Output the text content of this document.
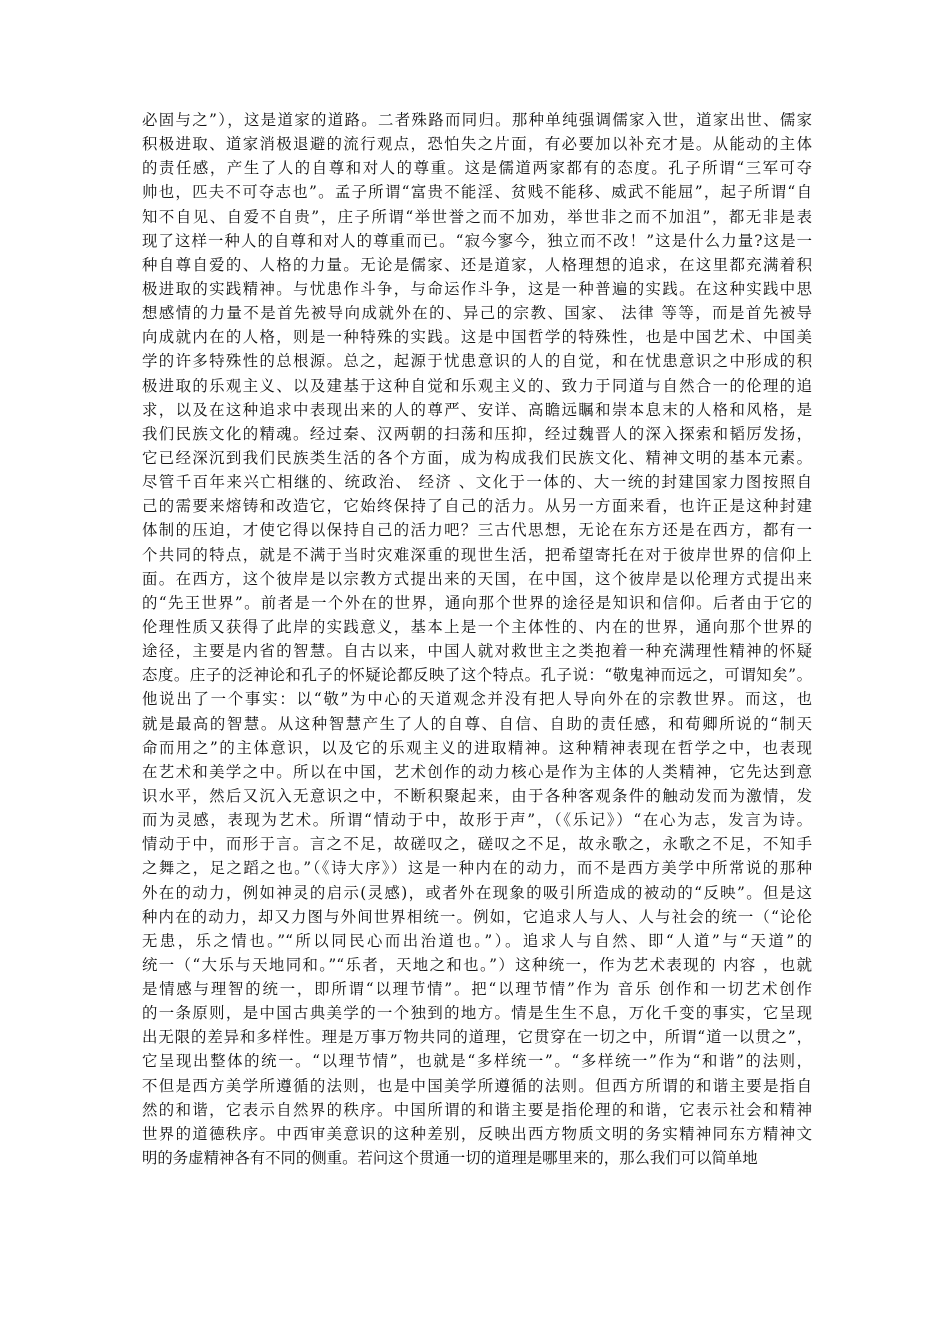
必固与之”），这是道家的道路。二者殊路而同归。那种单纯强调儒家入世，道家出世、儒家
积极进取、道家消极退避的流行观点，恐怕失之片面，有必要加以补充才是。从能动的主体
的责任感，产生了人的自尊和对人的尊重。这是儒道两家都有的态度。孔子所谓“三军可夺
帅也，匹夫不可夺志也”。孟子所谓“富贵不能淫、贫贱不能移、威武不能屈”，起子所谓“自
知不自见、自爱不自贵”，庄子所谓“举世誉之而不加劝，举世非之而不加沮”，都无非是表
现了这样一种人的自尊和对人的尊重而已。“寂今寥今，独立而不改！”这是什么力量?这是一
种自尊自爱的、人格的力量。无论是儒家、还是道家，人格理想的追求，在这里都充满着积
极进取的实践精神。与忧患作斗争，与命运作斗争，这是一种普遍的实践。在这种实践中思
想感情的力量不是首先被导向成就外在的、异己的宗教、国家、 法律 等等，而是首先被导
向成就内在的人格，则是一种特殊的实践。这是中国哲学的特殊性，也是中国艺术、中国美
学的许多特殊性的总根源。总之，起源于忧患意识的人的自觉，和在忧患意识之中形成的积
极进取的乐观主义、以及建基于这种自觉和乐观主义的、致力于同道与自然合一的伦理的追
求，以及在这种追求中表现出来的人的尊严、安详、高瞻远瞩和崇本息末的人格和风格，是
我们民族文化的精魂。经过秦、汉两朝的扫荡和压抑，经过魏晋人的深入探索和韬厉发扬，
它已经深沉到我们民族类生活的各个方面，成为构成我们民族文化、精神文明的基本元素。
尽管千百年来兴亡相继的、统政治、 经济 、文化于一体的、大一统的封建国家力图按照自
己的需要来熔铸和改造它，它始终保持了自己的活力。从另一方面来看，也许正是这种封建
体制的压迫，才使它得以保持自己的活力吧？三古代思想，无论在东方还是在西方，都有一
个共同的特点，就是不满于当时灾难深重的现世生活，把希望寄托在对于彼岸世界的信仰上
面。在西方，这个彼岸是以宗教方式提出来的天国，在中国，这个彼岸是以伦理方式提出来
的“先王世界”。前者是一个外在的世界，通向那个世界的途径是知识和信仰。后者由于它的
伦理性质又获得了此岸的实践意义，基本上是一个主体性的、内在的世界，通向那个世界的
途径，主要是内省的智慧。自古以来，中国人就对救世主之类抱着一种充满理性精神的怀疑
态度。庄子的泛神论和孔子的怀疑论都反映了这个特点。孔子说：“敬鬼神而远之，可谓知矣”。
他说出了一个事实：以“敬”为中心的天道观念并没有把人导向外在的宗教世界。而这，也
就是最高的智慧。从这种智慧产生了人的自尊、自信、自助的责任感，和荀卿所说的“制天
命而用之”的主体意识，以及它的乐观主义的进取精神。这种精神表现在哲学之中，也表现
在艺术和美学之中。所以在中国，艺术创作的动力核心是作为主体的人类精神，它先达到意
识水平，然后又沉入无意识之中，不断积聚起来，由于各种客观条件的触动发而为激情，发
而为灵感，表现为艺术。所谓“情动于中，故形于声”，（《乐记》）“在心为志，发言为诗。
情动于中，而形于言。言之不足，故磋叹之，磋叹之不足，故永歌之，永歌之不足，不知手
之舞之，足之蹈之也。”（《诗大序》）这是一种内在的动力，而不是西方美学中所常说的那种
外在的动力，例如神灵的启示(灵感)，或者外在现象的吸引所造成的被动的“反映”。但是这
种内在的动力，却又力图与外间世界相统一。例如，它追求人与人、人与社会的统一（“论伦
无患，乐之情也。”“所以同民心而出治道也。”）。追求人与自然、即“人道”与“天道”的
统一（“大乐与天地同和。”“乐者，天地之和也。”）这种统一，作为艺术表现的 内容 ，也就
是情感与理智的统一，即所谓“以理节情”。把“以理节情”作为 音乐 创作和一切艺术创作
的一条原则，是中国古典美学的一个独到的地方。情是生生不息，万化千变的事实，它呈现
出无限的差异和多样性。理是万事万物共同的道理，它贯穿在一切之中，所谓“道一以贯之”，
它呈现出整体的统一。“以理节情”，也就是“多样统一”。“多样统一”作为“和谐”的法则，
不但是西方美学所遵循的法则，也是中国美学所遵循的法则。但西方所谓的和谐主要是指自
然的和谐，它表示自然界的秩序。中国所谓的和谐主要是指伦理的和谐，它表示社会和精神
世界的道德秩序。中西审美意识的这种差别，反映出西方物质文明的务实精神同东方精神文
明的务虚精神各有不同的侧重。若问这个贯通一切的道理是哪里来的，那么我们可以简单地
